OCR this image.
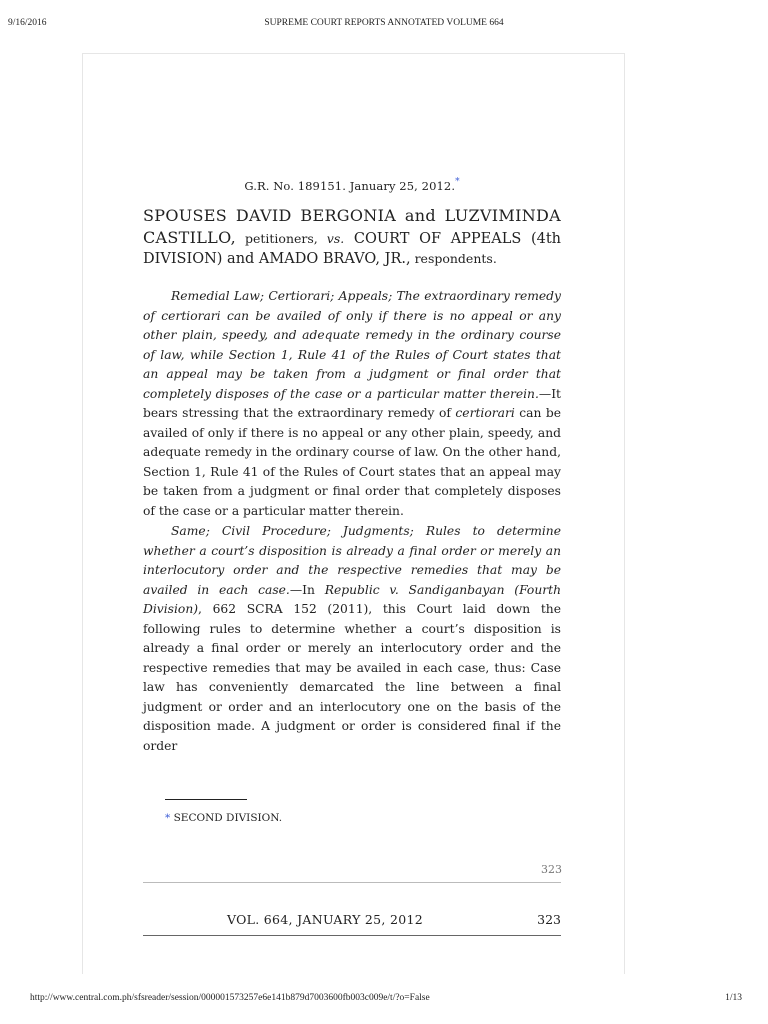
9/16/2016	SUPREME COURT REPORTS ANNOTATED VOLUME 664
G.R. No. 189151. January 25, 2012.*
SPOUSES DAVID BERGONIA and LUZVIMINDA CASTILLO, petitioners, vs. COURT OF APPEALS (4th DIVISION) and AMADO BRAVO, JR., respondents.
Remedial Law; Certiorari; Appeals; The extraordinary remedy of certiorari can be availed of only if there is no appeal or any other plain, speedy, and adequate remedy in the ordinary course of law, while Section 1, Rule 41 of the Rules of Court states that an appeal may be taken from a judgment or final order that completely disposes of the case or a particular matter therein.—It bears stressing that the extraordinary remedy of certiorari can be availed of only if there is no appeal or any other plain, speedy, and adequate remedy in the ordinary course of law. On the other hand, Section 1, Rule 41 of the Rules of Court states that an appeal may be taken from a judgment or final order that completely disposes of the case or a particular matter therein.
Same; Civil Procedure; Judgments; Rules to determine whether a court’s disposition is already a final order or merely an interlocutory order and the respective remedies that may be availed in each case.—In Republic v. Sandiganbayan (Fourth Division), 662 SCRA 152 (2011), this Court laid down the following rules to determine whether a court’s disposition is already a final order or merely an interlocutory order and the respective remedies that may be availed in each case, thus: Case law has conveniently demarcated the line between a final judgment or order and an interlocutory one on the basis of the disposition made. A judgment or order is considered final if the order
* SECOND DIVISION.
323
VOL. 664, JANUARY 25, 2012	323
http://www.central.com.ph/sfsreader/session/000001573257e6e141b879d7003600fb003c009e/t/?o=False	1/13
